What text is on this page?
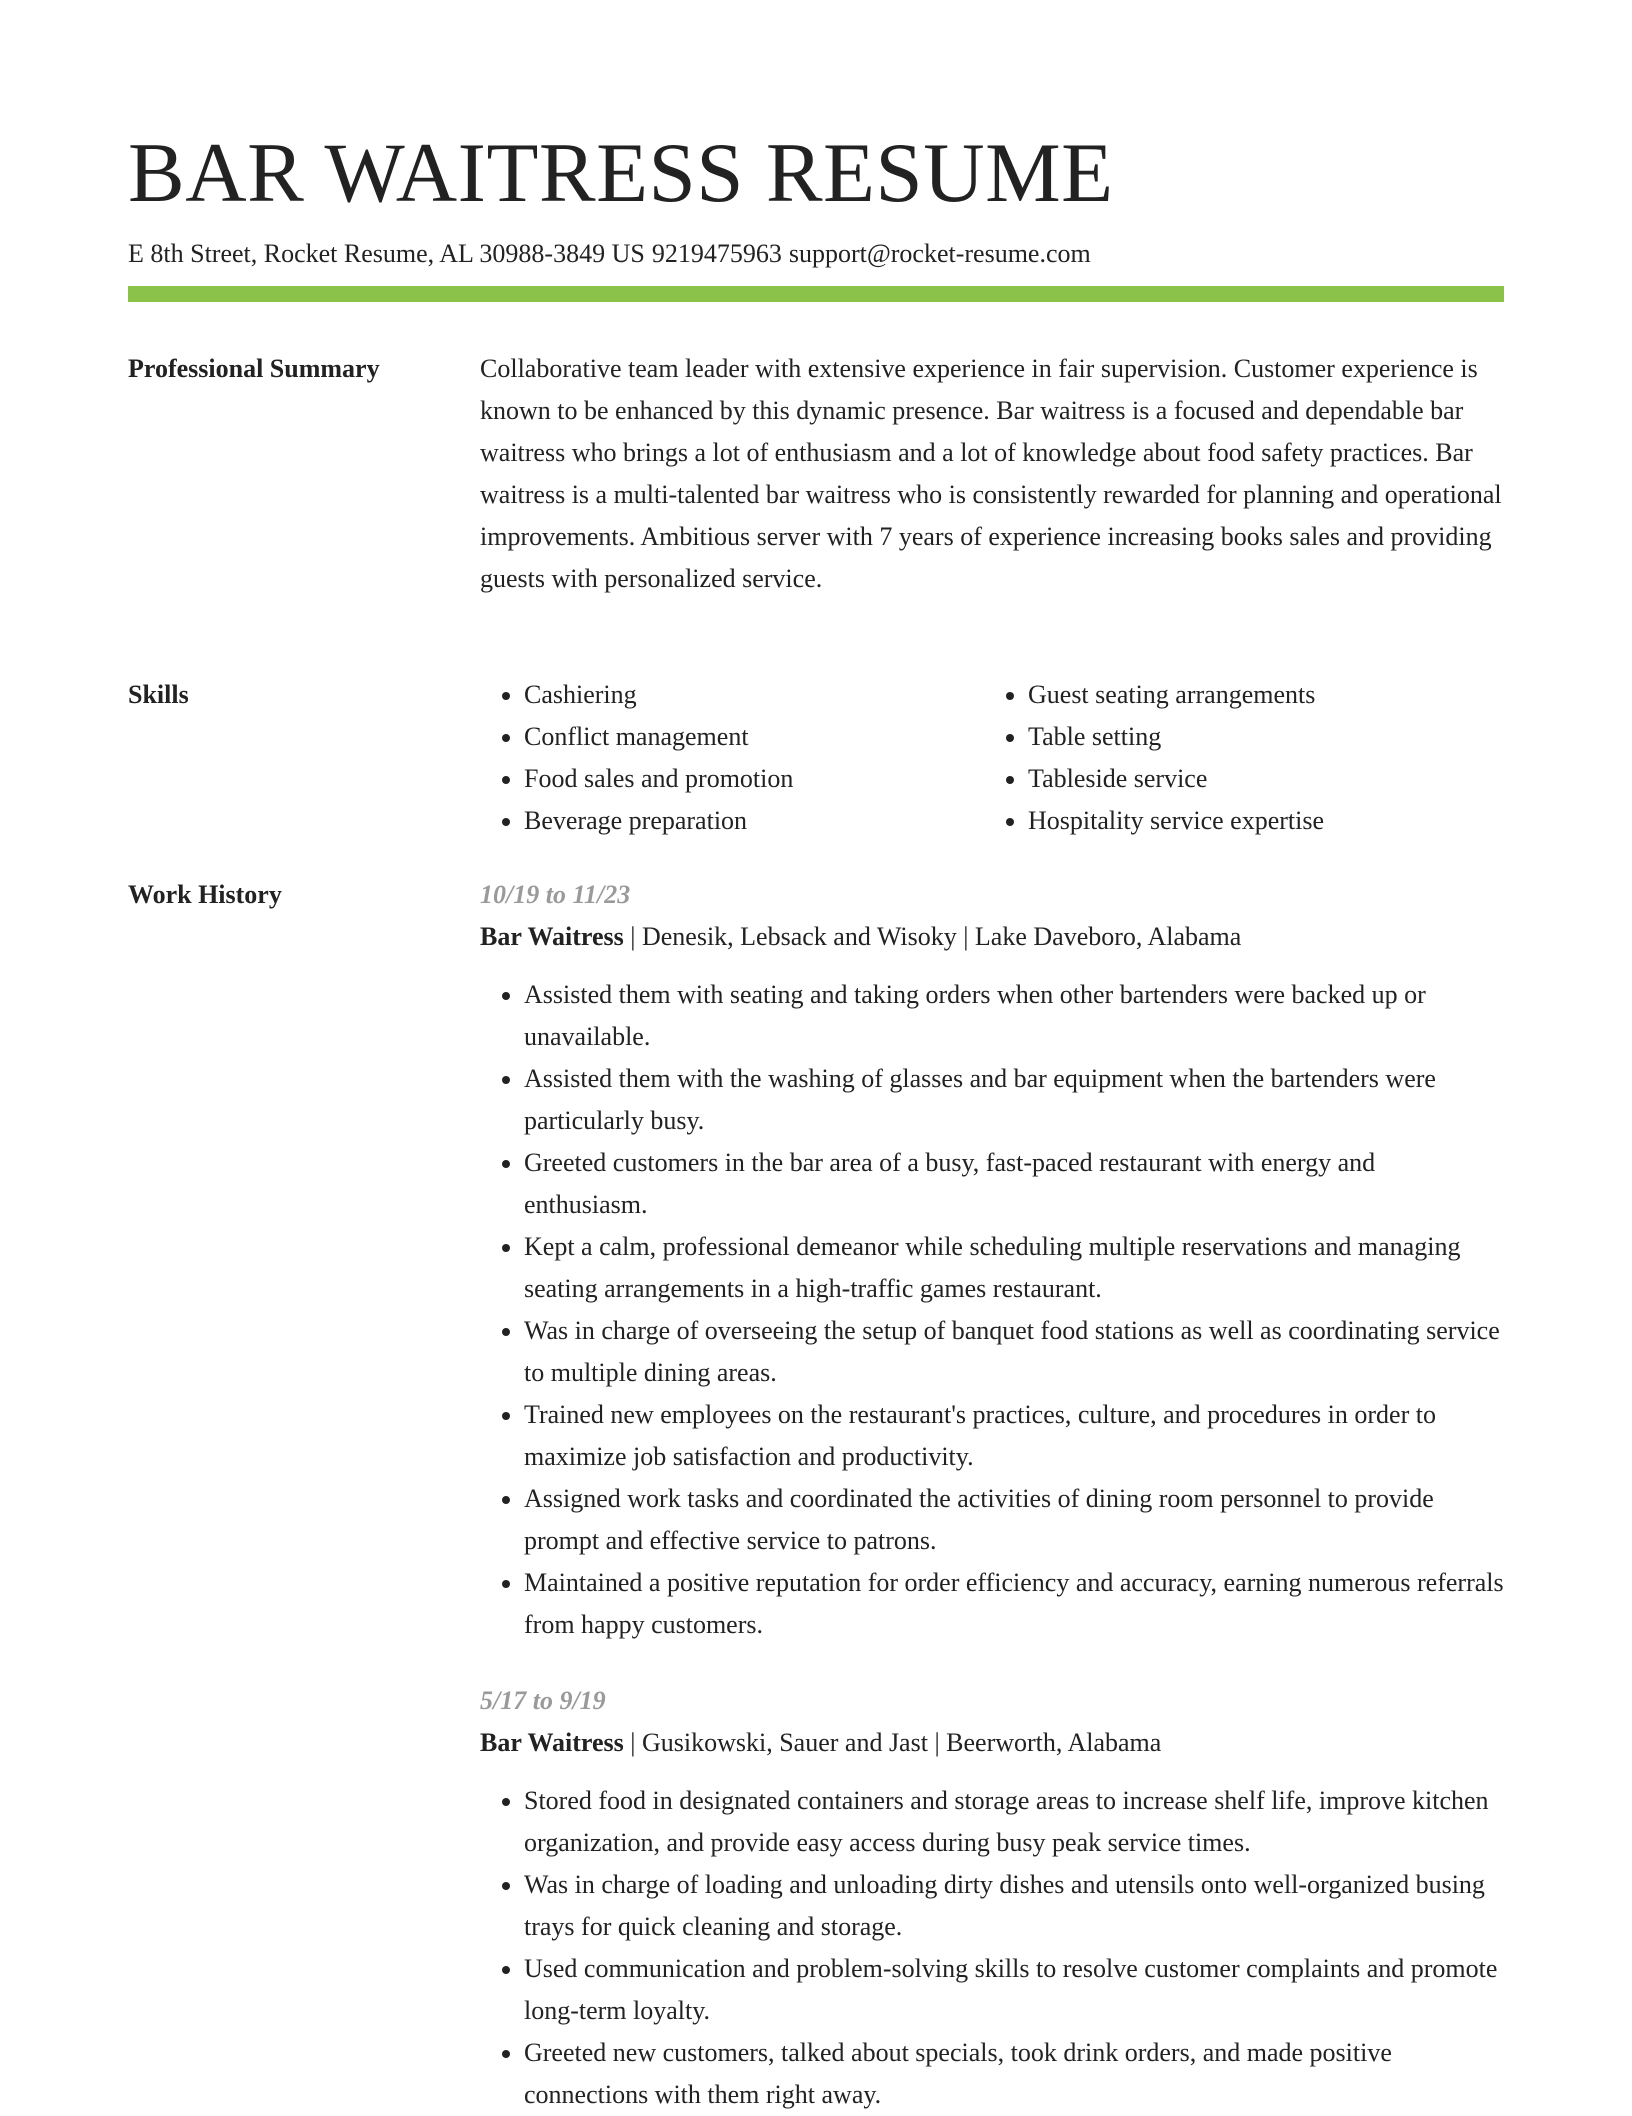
BAR WAITRESS RESUME
E 8th Street, Rocket Resume, AL 30988-3849 US 9219475963 support@rocket-resume.com
Professional Summary	Collaborative team leader with extensive experience in fair supervision. Customer experience is known to be enhanced by this dynamic presence. Bar waitress is a focused and dependable bar waitress who brings a lot of enthusiasm and a lot of knowledge about food safety practices. Bar waitress is a multi-talented bar waitress who is consistently rewarded for planning and operational improvements. Ambitious server with 7 years of experience increasing books sales and providing guests with personalized service.

Skills
•	Cashiering
• Conflict management
• Food sales and promotion
• Beverage preparation
• Guest seating arrangements
• Table setting
• Tableside service
• Hospitality service expertise
Work History	10/19 to 11/23
Bar Waitress | Denesik, Lebsack and Wisoky | Lake Daveboro, Alabama
• Assisted them with seating and taking orders when other bartenders were backed up or unavailable.
• Assisted them with the washing of glasses and bar equipment when the bartenders were particularly busy.
• Greeted customers in the bar area of a busy, fast-paced restaurant with energy and enthusiasm.
• Kept a calm, professional demeanor while scheduling multiple reservations and managing seating arrangements in a high-traffic games restaurant.
• Was in charge of overseeing the setup of banquet food stations as well as coordinating service to multiple dining areas.
• Trained new employees on the restaurant's practices, culture, and procedures in order to maximize job satisfaction and productivity.
• Assigned work tasks and coordinated the activities of dining room personnel to provide prompt and effective service to patrons.
• Maintained a positive reputation for order efficiency and accuracy, earning numerous referrals from happy customers.
5/17 to 9/19
Bar Waitress | Gusikowski, Sauer and Jast | Beerworth, Alabama
• Stored food in designated containers and storage areas to increase shelf life, improve kitchen organization, and provide easy access during busy peak service times.
• Was in charge of loading and unloading dirty dishes and utensils onto well-organized busing trays for quick cleaning and storage.
• Used communication and problem-solving skills to resolve customer complaints and promote long-term loyalty.
• Greeted new customers, talked about specials, took drink orders, and made positive connections with them right away.
